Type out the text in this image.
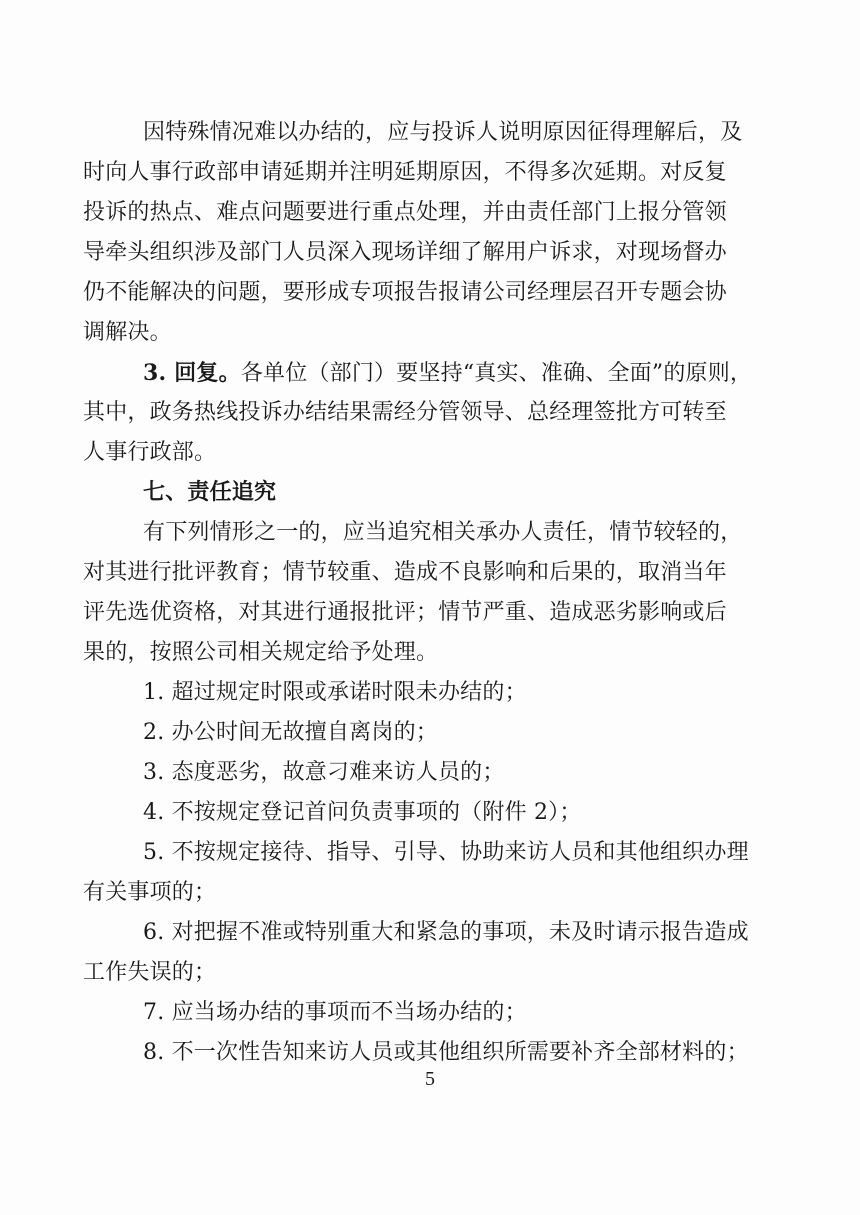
因特殊情况难以办结的，应与投诉人说明原因征得理解后，及
时向人事行政部申请延期并注明延期原因，不得多次延期。对反复
投诉的热点、难点问题要进行重点处理，并由责任部门上报分管领
导牵头组织涉及部门人员深入现场详细了解用户诉求，对现场督办
仍不能解决的问题，要形成专项报告报请公司经理层召开专题会协
调解决。
3. 回复。各单位（部门）要坚持“真实、准确、全面”的原则，
其中，政务热线投诉办结结果需经分管领导、总经理签批方可转至
人事行政部。
七、责任追究
有下列情形之一的，应当追究相关承办人责任，情节较轻的，
对其进行批评教育；情节较重、造成不良影响和后果的，取消当年
评先选优资格，对其进行通报批评；情节严重、造成恶劣影响或后
果的，按照公司相关规定给予处理。
1. 超过规定时限或承诺时限未办结的；
2. 办公时间无故擅自离岗的；
3. 态度恶劣，故意刁难来访人员的；
4. 不按规定登记首问负责事项的（附件 2）；
5. 不按规定接待、指导、引导、协助来访人员和其他组织办理
有关事项的；
6. 对把握不准或特别重大和紧急的事项，未及时请示报告造成
工作失误的；
7. 应当场办结的事项而不当场办结的；
8. 不一次性告知来访人员或其他组织所需要补齐全部材料的；
5
